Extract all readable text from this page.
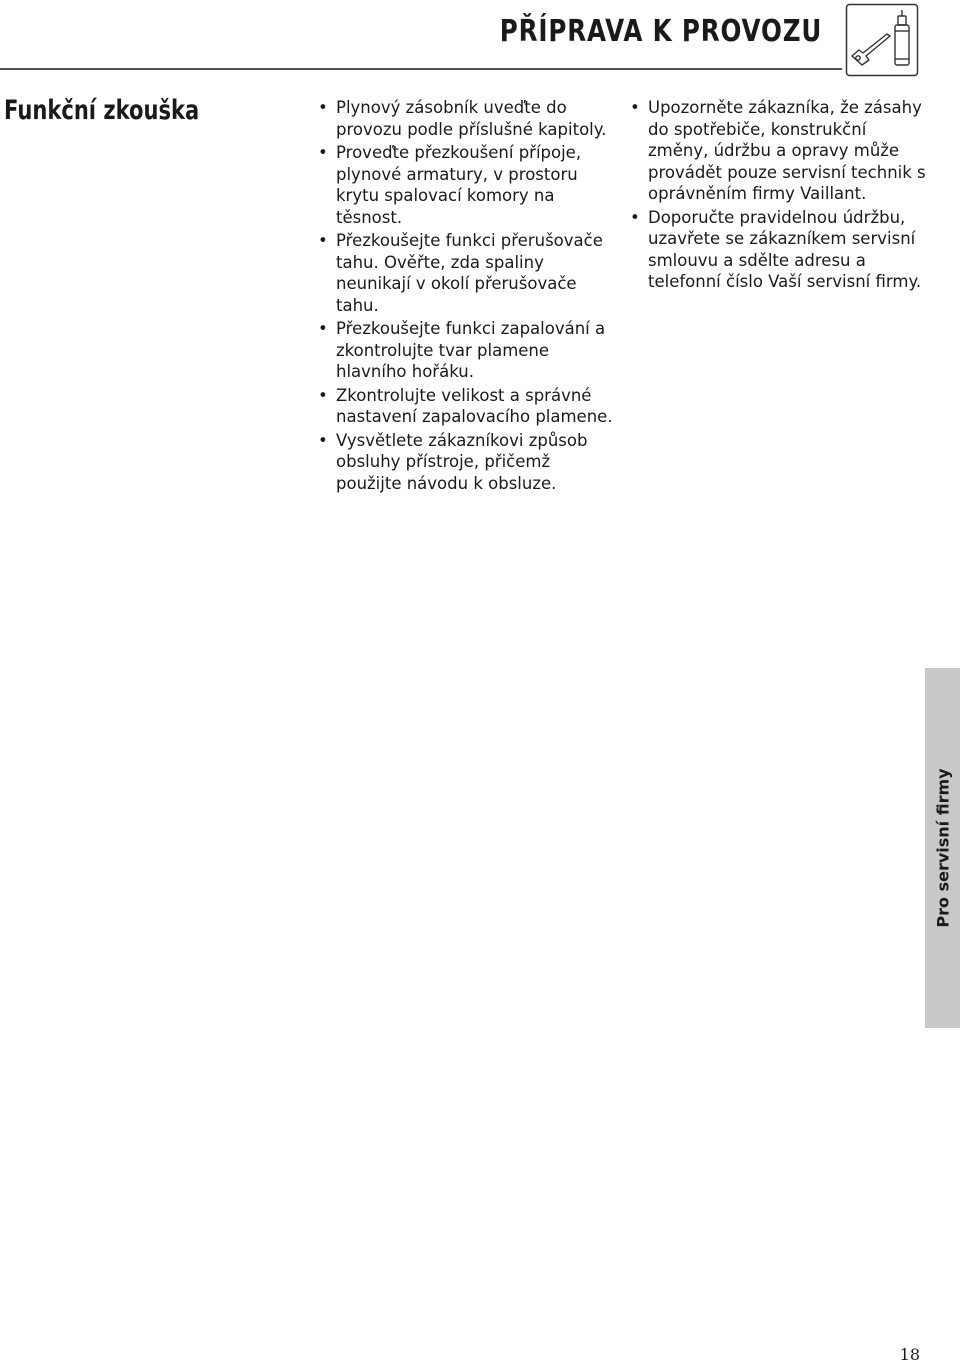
PŘÍPRAVA K PROVOZU
Funkční zkouška	• Plynový zásobník uveďte do provozu podle příslušné kapitoly.
• Proveďte přezkoušení přípoje, plynové armatury, v prostoru krytu spalovací komory na těsnost.
• Přezkoušejte funkci přerušovače tahu. Ověřte, zda spaliny neunikají v okolí přerušovače tahu.
• Přezkoušejte funkci zapalování a zkontrolujte tvar plamene hlavního hořáku.
• Zkontrolujte velikost a správné nastavení zapalovacího plamene.
• Vysvětlete zákazníkovi způsob obsluhy přístroje, přičemž použijte návodu k obsluze.
• Upozorněte zákazníka, že zásahy do spotřebiče, konstrukční změny, údržbu a opravy může provádět pouze servisní technik s oprávněním firmy Vaillant.
• Doporučte pravidelnou údržbu, uzavřete se zákazníkem servisní smlouvu a sdělte adresu a telefonní číslo Vaší servisní firmy.
Pro servisní firmy
18
